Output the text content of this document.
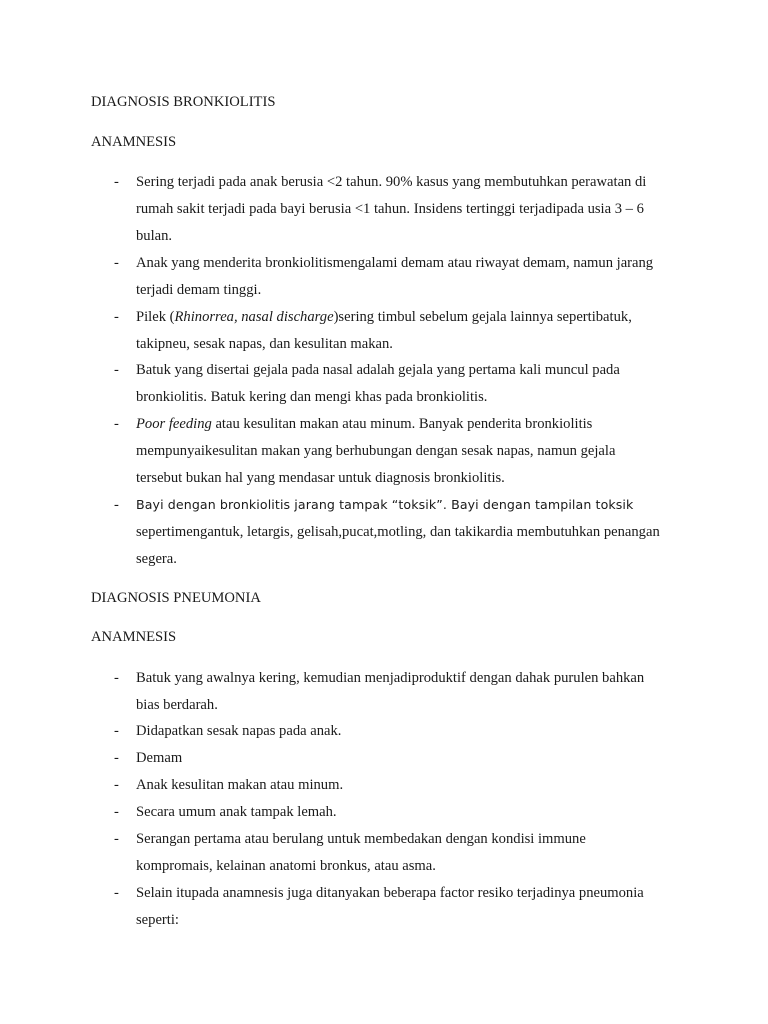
DIAGNOSIS BRONKIOLITIS
ANAMNESIS
- Sering terjadi pada anak berusia <2 tahun. 90% kasus yang membutuhkan perawatan di
rumah sakit terjadi pada bayi berusia <1 tahun. Insidens tertinggi terjadipada usia 3 – 6
bulan.
- Anak yang menderita bronkiolitismengalami demam atau riwayat demam, namun jarang
terjadi demam tinggi.
- Pilek (Rhinorrea, nasal discharge)sering timbul sebelum gejala lainnya sepertibatuk,
takipneu, sesak napas, dan kesulitan makan.
- Batuk yang disertai gejala pada nasal adalah gejala yang pertama kali muncul pada
bronkiolitis. Batuk kering dan mengi khas pada bronkiolitis.
- Poor feeding atau kesulitan makan atau minum. Banyak penderita bronkiolitis
mempunyaikesulitan makan yang berhubungan dengan sesak napas, namun gejala
tersebut bukan hal yang mendasar untuk diagnosis bronkiolitis.
- Bayi dengan bronkiolitis jarang tampak “toksik”. Bayi dengan tampilan toksik
sepertimengantuk, letargis, gelisah,pucat,motling, dan takikardia membutuhkan penangan
segera.
DIAGNOSIS PNEUMONIA
ANAMNESIS
- Batuk yang awalnya kering, kemudian menjadiproduktif dengan dahak purulen bahkan
bias berdarah.
- Didapatkan sesak napas pada anak.
- Demam
- Anak kesulitan makan atau minum.
- Secara umum anak tampak lemah.
- Serangan pertama atau berulang untuk membedakan dengan kondisi immune
kompromais, kelainan anatomi bronkus, atau asma.
- Selain itupada anamnesis juga ditanyakan beberapa factor resiko terjadinya pneumonia
seperti:
